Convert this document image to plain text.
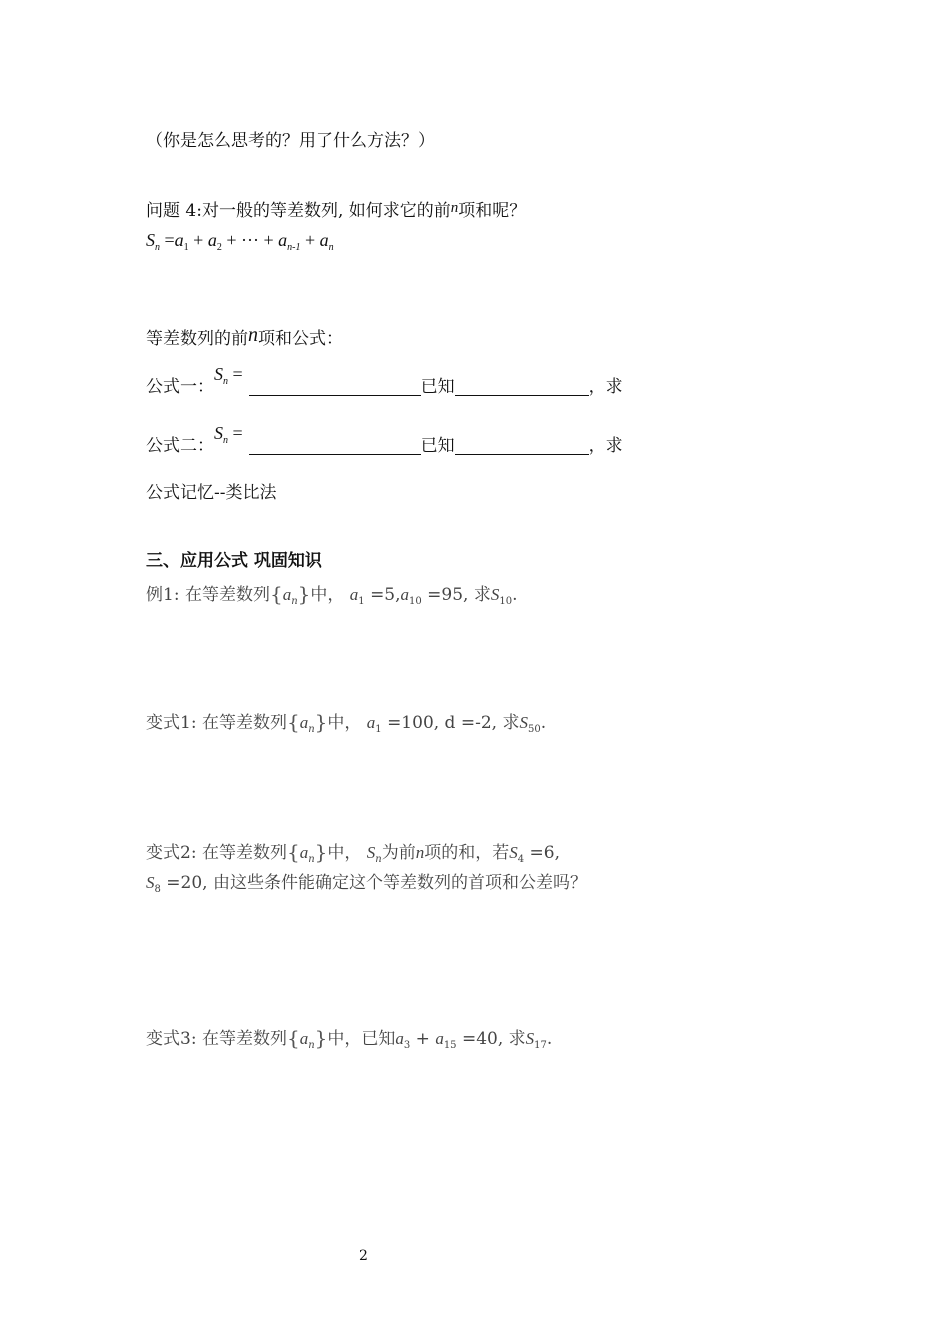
（你是怎么思考的？用了什么方法？）
问题 4:对一般的等差数列, 如何求它的前n项和呢？
$S_n =a_1 + a_2$ + ··· + $a_{n-1} + a_n$
等差数列的前n项和公式：
公式一：$S_n$ =已知	，求
公式二：$S_n$ =已知	，求
公式记忆--类比法
三、应用公式 巩固知识
例1: 在等差数列$\{a_n\}$中， $a_1 =5,a_{10} =95$, 求$S_{10}$.
变式1: 在等差数列$\{a_n\}$中， $a_1 =100$, d =-2, 求$S_{50}$.
变式2: 在等差数列$\{a_n\}$中， $S_n$为前n项的和，若$S_4 =6$,
$S_8 =20$, 由这些条件能确定这个等差数列的首项和公差吗？
变式3: 在等差数列$\{a_n\}$中，已知$a_3 + a_{15} =40$, 求$S_{17}$.
2
